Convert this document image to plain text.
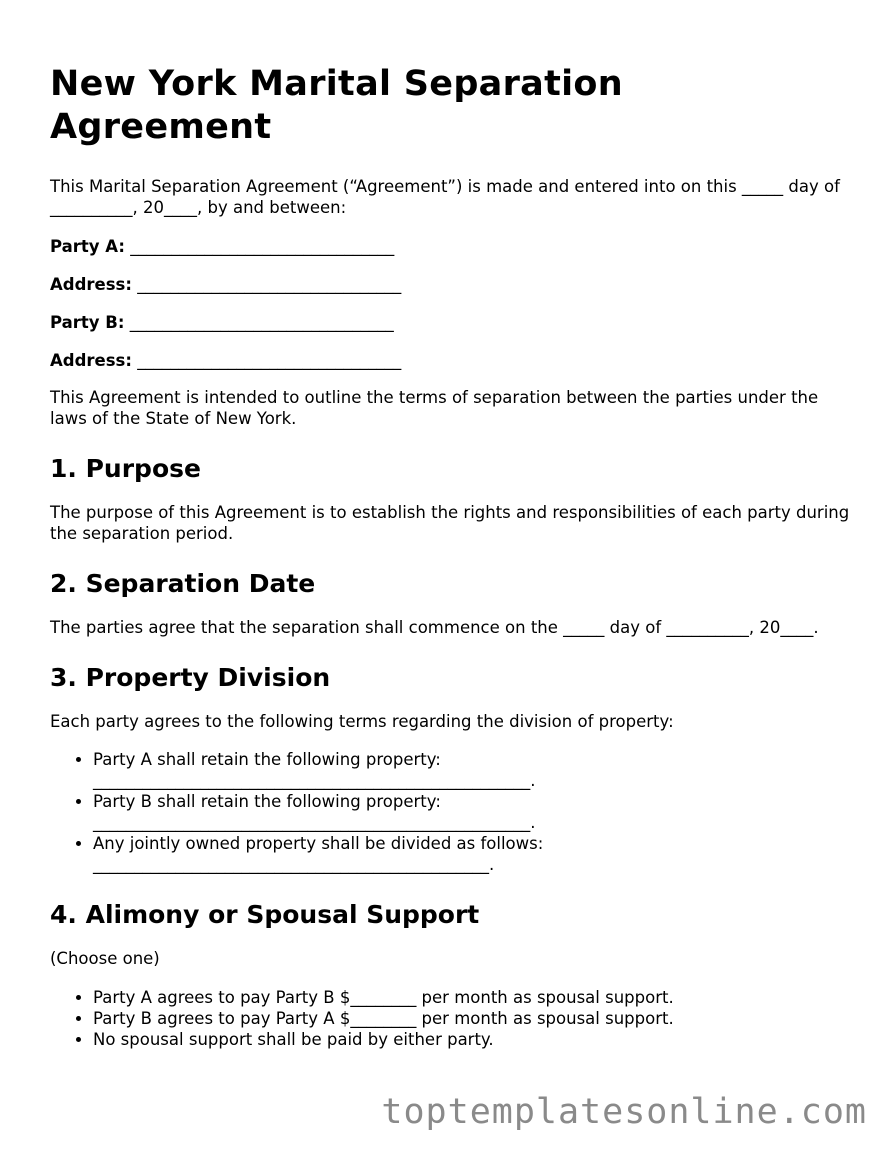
New York Marital Separation Agreement

This Marital Separation Agreement (“Agreement”) is made and entered into on this _____ day of __________, 20____, by and between:

Party A: ________________________________
Address: ________________________________
Party B: ________________________________
Address: ________________________________

This Agreement is intended to outline the terms of separation between the parties under the laws of the State of New York.

1. Purpose

The purpose of this Agreement is to establish the rights and responsibilities of each party during the separation period.

2. Separation Date

The parties agree that the separation shall commence on the _____ day of __________, 20____.

3. Property Division

Each party agrees to the following terms regarding the division of property:

• Party A shall retain the following property: _____________________________________________________.
• Party B shall retain the following property: _____________________________________________________.
• Any jointly owned property shall be divided as follows: ________________________________________________.
4. Alimony or Spousal Support

(Choose one)

• Party A agrees to pay Party B $________ per month as spousal support.
• Party B agrees to pay Party A $________ per month as spousal support.
• No spousal support shall be paid by either party.
toptemplatesonline.com
